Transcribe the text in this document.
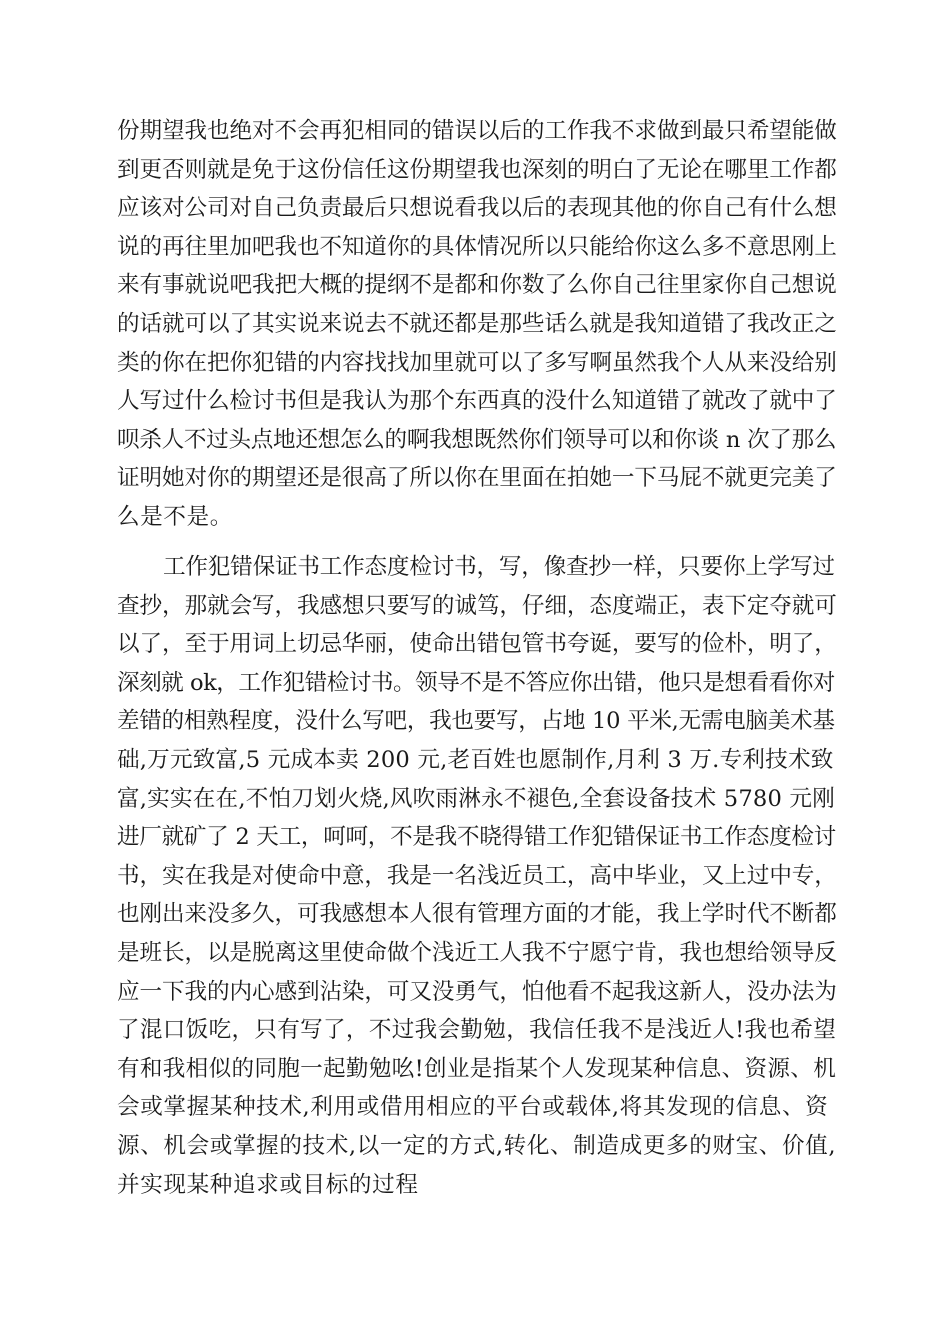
份期望我也绝对不会再犯相同的错误以后的工作我不求做到最只希望能做
到更否则就是免于这份信任这份期望我也深刻的明白了无论在哪里工作都
应该对公司对自己负责最后只想说看我以后的表现其他的你自己有什么想
说的再往里加吧我也不知道你的具体情况所以只能给你这么多不意思刚上
来有事就说吧我把大概的提纲不是都和你数了么你自己往里家你自己想说
的话就可以了其实说来说去不就还都是那些话么就是我知道错了我改正之
类的你在把你犯错的内容找找加里就可以了多写啊虽然我个人从来没给别
人写过什么检讨书但是我认为那个东西真的没什么知道错了就改了就中了
呗杀人不过头点地还想怎么的啊我想既然你们领导可以和你谈 n 次了那么
证明她对你的期望还是很高了所以你在里面在拍她一下马屁不就更完美了
么是不是。
工作犯错保证书工作态度检讨书，写，像查抄一样，只要你上学写过
查抄，那就会写，我感想只要写的诚笃，仔细，态度端正，表下定夺就可
以了，至于用词上切忌华丽，使命出错包管书夸诞，要写的俭朴，明了，
深刻就 ok，工作犯错检讨书。领导不是不答应你出错，他只是想看看你对
差错的相熟程度，没什么写吧，我也要写，占地 10 平米,无需电脑美术基
础,万元致富,5 元成本卖 200 元,老百姓也愿制作,月利 3 万.专利技术致
富,实实在在,不怕刀划火烧,风吹雨淋永不褪色,全套设备技术 5780 元刚
进厂就矿了 2 天工，呵呵，不是我不晓得错工作犯错保证书工作态度检讨
书，实在我是对使命中意，我是一名浅近员工，高中毕业，又上过中专，
也刚出来没多久，可我感想本人很有管理方面的才能，我上学时代不断都
是班长，以是脱离这里使命做个浅近工人我不宁愿宁肯，我也想给领导反
应一下我的内心感到沾染，可又没勇气，怕他看不起我这新人，没办法为
了混口饭吃，只有写了，不过我会勤勉，我信任我不是浅近人!我也希望
有和我相似的同胞一起勤勉吆!创业是指某个人发现某种信息、资源、机
会或掌握某种技术,利用或借用相应的平台或载体,将其发现的信息、资
源、机会或掌握的技术,以一定的方式,转化、制造成更多的财宝、价值,
并实现某种追求或目标的过程
